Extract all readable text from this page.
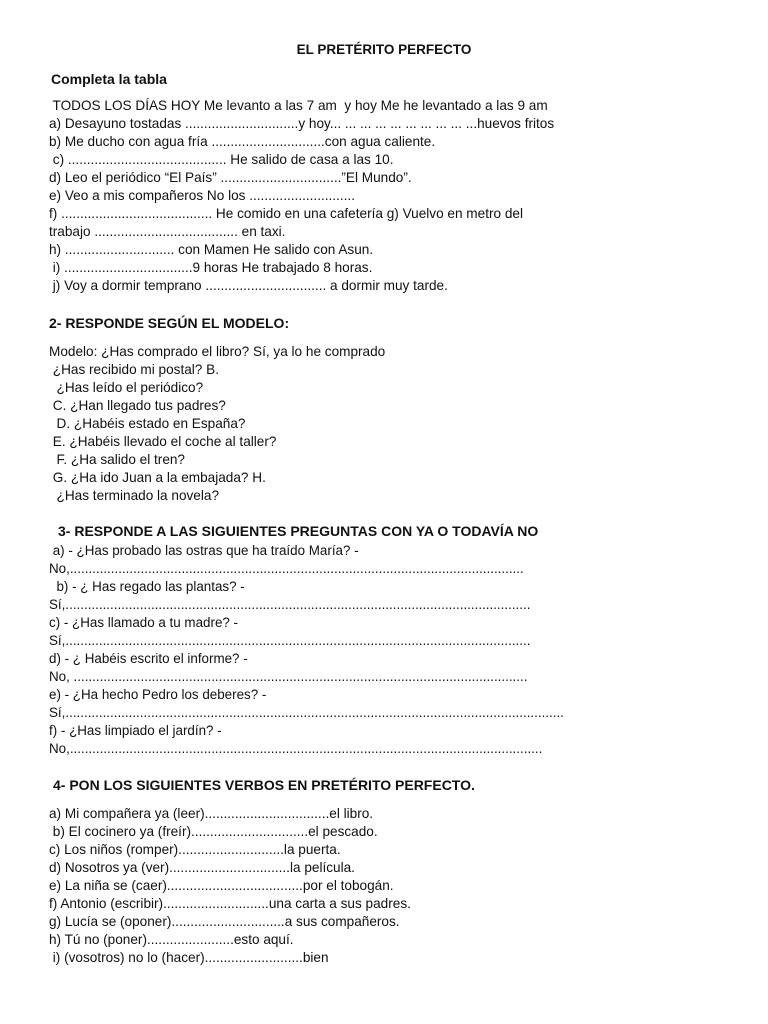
EL PRETÉRITO PERFECTO
Completa la tabla
TODOS LOS DÍAS HOY Me levanto a las 7 am  y hoy Me he levantado a las 9 am
a) Desayuno tostadas ..............................y hoy... ... ... ... ... ... ... ... ... ...huevos fritos
b) Me ducho con agua fría ..............................con agua caliente.
c) .......................................... He salido de casa a las 10.
d) Leo el periódico “El País” ................................”El Mundo”.
e) Veo a mis compañeros No los ............................
f) ........................................ He comido en una cafetería g) Vuelvo en metro del
trabajo ...................................... en taxi.
h) ............................. con Mamen He salido con Asun.
i) ..................................9 horas He trabajado 8 horas.
j) Voy a dormir temprano ................................ a dormir muy tarde.
2- RESPONDE SEGÚN EL MODELO:
Modelo: ¿Has comprado el libro? Sí, ya lo he comprado
¿Has recibido mi postal? B.
¿Has leído el periódico?
C. ¿Han llegado tus padres?
D. ¿Habéis estado en España?
E. ¿Habéis llevado el coche al taller?
F. ¿Ha salido el tren?
G. ¿Ha ido Juan a la embajada? H.
¿Has terminado la novela?
3- RESPONDE A LAS SIGUIENTES PREGUNTAS CON YA O TODAVÍA NO
a) - ¿Has probado las ostras que ha traído María? -
No,..........................................................................................................................
b) - ¿ Has regado las plantas? -
Sí,.............................................................................................................................
c) - ¿Has llamado a tu madre? -
Sí,.............................................................................................................................
d) - ¿ Habéis escrito el informe? -
No, ..........................................................................................................................
e) - ¿Ha hecho Pedro los deberes? -
Sí,......................................................................................................................................
f) - ¿Has limpiado el jardín? -
No,...............................................................................................................................
4- PON LOS SIGUIENTES VERBOS EN PRETÉRITO PERFECTO.
a) Mi compañera ya (leer).................................el libro.
b) El cocinero ya (freír)...............................el pescado.
c) Los niños (romper)............................la puerta.
d) Nosotros ya (ver)................................la película.
e) La niña se (caer)....................................por el tobogán.
f) Antonio (escribir)............................una carta a sus padres.
g) Lucía se (oponer)..............................a sus compañeros.
h) Tú no (poner).......................esto aquí.
i) (vosotros) no lo (hacer)..........................bien
